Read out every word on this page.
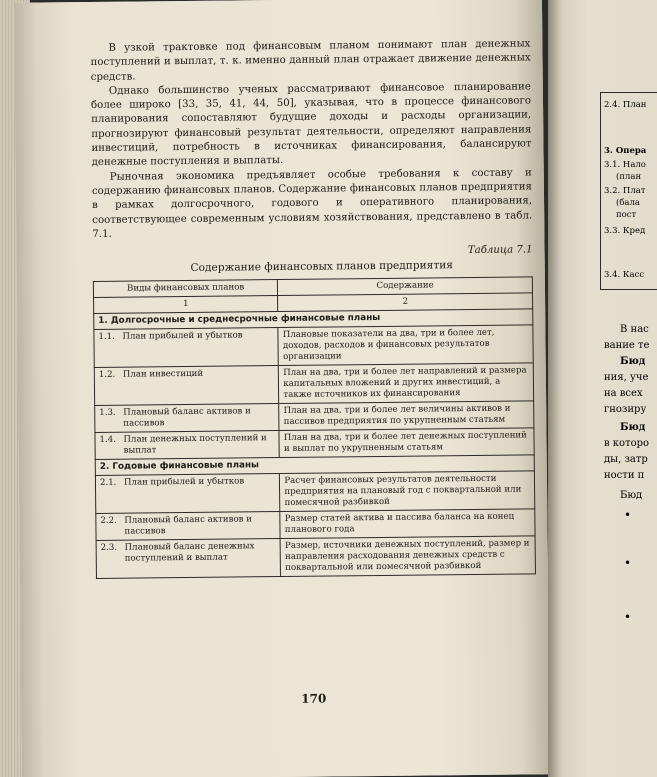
В узкой трактовке под финансовым планом понимают план денежных поступлений и выплат, т. к. именно данный план отражает движение денежных средств.

Однако большинство ученых рассматривают финансовое планирование более широко [33, 35, 41, 44, 50], указывая, что в процессе финансового планирования сопоставляют будущие доходы и расходы организации, прогнозируют финансовый результат деятельности, определяют направления инвестиций, потребность в источниках финансирования, балансируют денежные поступления и выплаты.

Рыночная экономика предъявляет особые требования к составу и содержанию финансовых планов. Содержание финансовых планов предприятия в рамках долгосрочного, годового и оперативного планирования, соответствующее современным условиям хозяйствования, представлено в табл. 7.1.

Таблица 7.1

Содержание финансовых планов предприятия

Виды финансовых планов	Содержание
1	2
1. Долгосрочные и среднесрочные финансовые планы	

1.1. План прибылей и убытков	Плановые показатели на два, три и более лет, доходов, расходов и финансовых результатов организации

1.2. План инвестиций	План на два, три и более лет направлений и размера капитальных вложений и других инвестиций, а также источников их финансирования

1.3. Плановый баланс активов и пассивов	План на два, три и более лет величины активов и пассивов предприятия по укрупненным статьям

1.4. План денежных поступлений и выплат	План на два, три и более лет денежных поступлений и выплат по укрупненным статьям
2. Годовые финансовые планы	

2.1. План прибылей и убытков	Расчет финансовых результатов деятельности предприятия на плановый год с поквартальной или помесячной разбивкой

2.2. Плановый баланс активов и пассивов	Размер статей актива и пассива баланса на конец планового года

2.3. Плановый баланс денежных поступлений и выплат	Размер, источники денежных поступлений, размер и направления расходования денежных средств с поквартальной или помесячной разбивкой
170
2.4. План
3. Опера
3.1. Нало
(план
3.2. Плат
(бала
пост
3.3. Кред
3.4. Касс
В нас
вание те
Бюд
ния, уче
на всех
гнозиру
Бюд
в которо
ды, затр
ности п
Бюд
•
•
•
